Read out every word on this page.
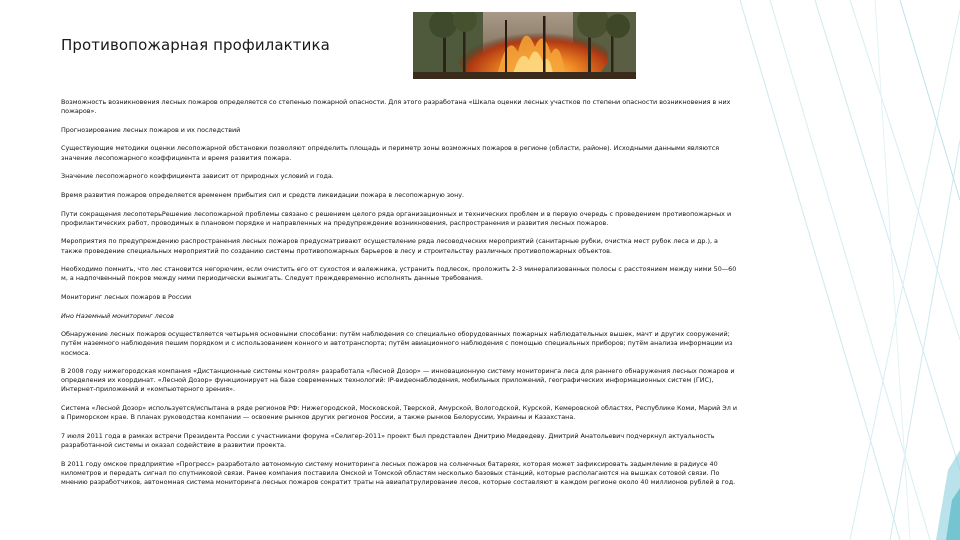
Противопожарная профилактика

Возможность возникновения лесных пожаров определяется со степенью пожарной опасности. Для этого разработана «Шкала оценки лесных участков по степени опасности возникновения в них пожаров».

Прогнозирование лесных пожаров и их последствий

Существующие методики оценки лесопожарной обстановки позволяют определить площадь и периметр зоны возможных пожаров в регионе (области, районе). Исходными данными являются значение лесопожарного коэффициента и время развития пожара.

Значение лесопожарного коэффициента зависит от природных условий и года.

Время развития пожаров определяется временем прибытия сил и средств ликвидации пожара в лесопожарную зону.

Пути сокращения лесопотерьРешение лесопожарной проблемы связано с решением целого ряда организационных и технических проблем и в первую очередь с проведением противопожарных и профилактических работ, проводимых в плановом порядке и направленных на предупреждение возникновения, распространения и развития лесных пожаров.

Мероприятия по предупреждению распространения лесных пожаров предусматривают осуществление ряда лесоводческих мероприятий (санитарные рубки, очистка мест рубок леса и др.), а также проведение специальных мероприятий по созданию системы противопожарных барьеров в лесу и строительству различных противопожарных объектов.

Необходимо помнить, что лес становится негорючим, если очистить его от сухостоя и валежника, устранить подлесок, проложить 2-3 минерализованных полосы с расстоянием между ними 50—60 м, а надпочвенный покров между ними периодически выжигать. Следует преждевременно исполнять данные требования.

Мониторинг лесных пожаров в России

Ино Наземный мониторинг лесов

Обнаружение лесных пожаров осуществляется четырьмя основными способами: путём наблюдения со специально оборудованных пожарных наблюдательных вышек, мачт и других сооружений; путём наземного наблюдения пешим порядком и с использованием конного и автотранспорта; путём авиационного наблюдения с помощью специальных приборов; путём анализа информации из космоса.

В 2008 году нижегородская компания «Дистанционные системы контроля» разработала «Лесной Дозор» — инновационную систему мониторинга леса для раннего обнаружения лесных пожаров и определения их координат. «Лесной Дозор» функционирует на базе современных технологий: IP-видеонаблюдения, мобильных приложений, географических информационных систем (ГИС), Интернет-приложений и «компьютерного зрения».

Система «Лесной Дозор» используется/испытана в ряде регионов РФ: Нижегородской, Московской, Тверской, Амурской, Вологодской, Курской, Кемеровской областях, Республике Коми, Марий Эл и в Приморском крае. В планах руководства компании — освоение рынков других регионов России, а также рынков Белоруссии, Украины и Казахстана.

7 июля 2011 года в рамках встречи Президента России с участниками форума «Селигер-2011» проект был представлен Дмитрию Медведеву. Дмитрий Анатольевич подчеркнул актуальность разработанной системы и оказал содействие в развитии проекта.

В 2011 году омское предприятие «Прогресс» разработало автономную систему мониторинга лесных пожаров на солнечных батареях, которая может зафиксировать задымление в радиусе 40 километров и передать сигнал по спутниковой связи. Ранее компания поставила Омской и Томской областям несколько базовых станций, которые располагаются на вышках сотовой связи. По мнению разработчиков, автономная система мониторинга лесных пожаров сократит траты на авиапатрулирование лесов, которые составляют в каждом регионе около 40 миллионов рублей в год.
